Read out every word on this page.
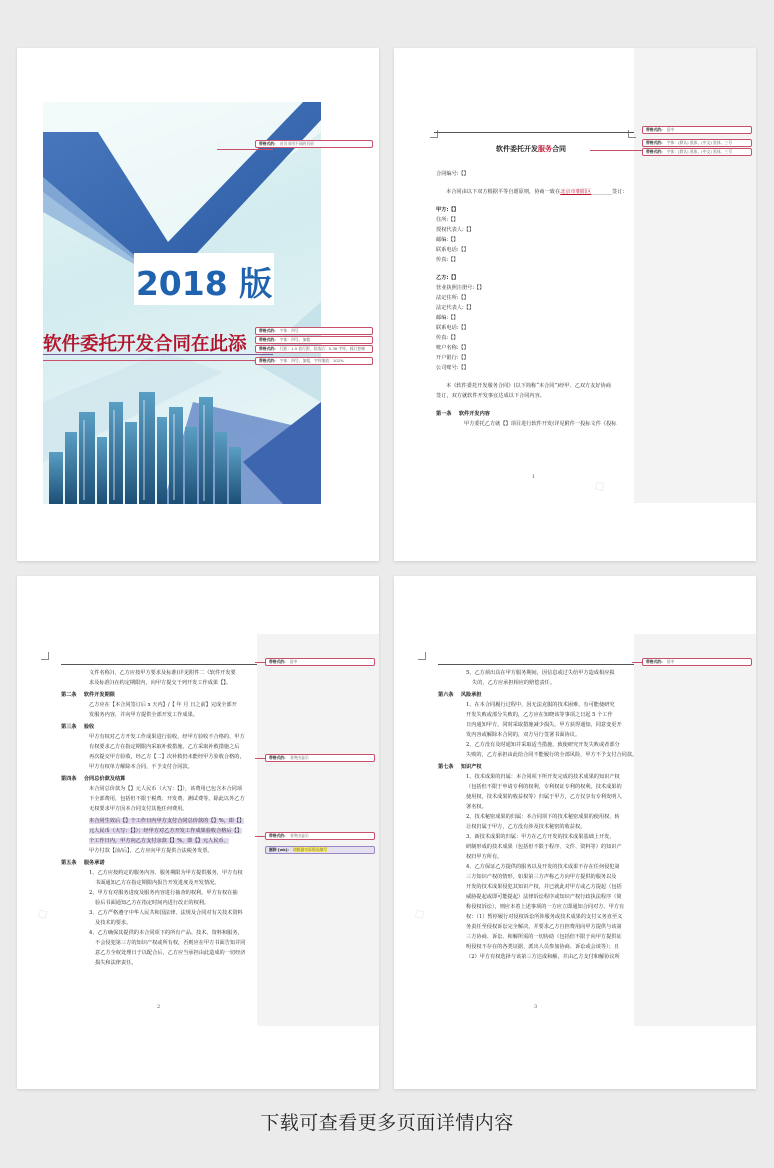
2018 版
软件委托开发合同在此添
带格式的: 首页采用不同的页眉
带格式的: 字体：四号
带格式的: 字体：四号，加粗
带格式的: 行距：1.5 倍行距，段落后：5.38 字符，孤行控制
带格式的: 字体：四号，加粗，字符缩放：102%
带格式的: 居中
带格式的: 字体：(默认) 黑体，(中文) 黑体，三号
带格式的: 字体：(默认) 黑体，(中文) 黑体，三号
软件委托开发服务合同

合同编号:【】

本合同由以下双方根据平等自愿原则，协商一致在北京市朝阳区________签订：

甲方:【】

住所:【】

授权代表人:【】

邮编:【】

联系电话:【】

传真:【】

乙方:【】

营业执照注册号:【】

法定住所:【】

法定代表人:【】

邮编:【】

联系电话:【】

传真:【】

账户名称:【】

开户银行:【】

公司账号:【】

本《软件委托开发服务合同》(以下简称“本合同”)经甲、乙双方友好协商

签订，双方就软件开发事宜达成以下合同内容。

第一条 软件开发内容

甲方委托乙方就【】项目进行软件开发(详见附件一投标文件《投标

1	◇
带格式的: 居中

文件名称》)，乙方应按甲方要求及标准(详见附件二《软件开发要

求及标准》)在约定期限内，向甲方提交干列开发工作成果【】。

第二条 软件开发期限

乙方应在【本合同签订后 x 天内】/【 年 月 日之前】完成全部开

发服务内容，并向甲方提供全部开发工作成果。

第三条 验收

甲方有权对乙方开发工作成果进行验收，经甲方验收不合格的，甲方

有权要求乙方在指定期限内采取补救措施。乙方采取补救措施之后

再次提交甲方验收，经乙方【二】次补救仍未能经甲方验收合格的，

甲方有权单方解除本合同，不予支付合同款。

第四条 合同总价款及结算

本合同总价款为【】元人民币（大写：【】），该费用已包含本合同项

下全部费用，包括但不限于税费、开发费、测试费等。除此以外乙方

无权要求甲方因本合同支付其他任何费用。

本合同生效后【】个工作日内甲方支付合同总价款的【】%，即【】

元人民币（大写：【】）；经甲方对乙方开发工作成果验收合格后【】

个工作日内，甲方向乙方支付余款【】%，即【】元人民币。

甲方付款【前/后】，乙方应向甲方提供合法税务发票。

第五条 服务承诺

1、乙方应按约定的服务内容、服务期限为甲方提供服务，甲方有权

书面通知乙方在指定期限内报告开发进度及开发情况。

2、甲方有对服务进度及服务内容进行抽查的权利，甲方有权在抽

验后书面通知乙方在指定时间内进行改正的权利。

3、乙方严格遵守中华人民共和国法律、法规及合同对有关技术资料

及技术的要求。

4、乙方确保其提供的本合同项下的所有产品、技术、资料和服务，

不会侵犯第三方的知识产权或所有权，否则应在甲方书面告知并同

意乙方全权处理日于以配合后，乙方应当承担由此造成的一切经济

损失和法律责任。

带格式的: 非突出显示
带格式的: 非突出显示
删除 [wk]: 请根据实际情况填写
2
◇
带格式的: 居中

5、乙方须出具在甲方服务期间，因信息或过失给甲方造成相应损

失的，乙方应承担相应的赔偿责任。

第六条 风险承担

1、在本合同履行过程中，因无法克服的技术困难，有可能使研究

开发失败或部分失败的，乙方应在知晓该等事项之日起 5 个工作

日内通知甲方，同时采取措施减少损失。甲方获得通知，同意变更开

发内容或解除本合同的，双方另行签署书面协议。

2、乙方没有及时通知并采取适当措施，致使研究开发失败或者部分

失败的，乙方承担由此给合同不能履行的全部风险，甲方不予支付合同款。

第七条 知识产权

1、技术成果的归属：本合同项下所开发完成的技术成果的知识产权

（包括但不限于申请专利的权利，专利权证专利的权利，技术成果的

使用权，技术成果的收益权等）归属于甲方，乙方仅享有专利发明人

署名权。

2、技术秘密成果的归属：本合同项下的技术秘密成果的使用权、转

让权归属于甲方，乙方没有涉及技术秘密的收益权。

3、新技术成果的归属：甲方在乙方开发的技术成果基础上开发、

研制形成的技术成果（包括但不限于程序、文件、资料等）的知识产

权归甲方所有。

4、乙方保证乙方提供的服务以及开发的技术成果不存在任何侵犯第

三方知识产权的情形。如果第三方声称乙方向甲方提供的服务以及

开发的技术成果侵犯其知识产权，并已就此对甲方或乙方提起（包括

威胁提起或即可能提起）法律诉讼程序或知识产权行政执法程序（简

称侵权诉讼），则应本着上述事项的一方应立即通知合同对方。甲方有

权：（1）暂停履行对侵权诉讼所涉服务或技术成果的支付义务直至义

务责任至侵权诉讼完全解决，并要求乙方自担费用向甲方提供与该第

三方协商、诉讼、和解所需的一切协助（包括但不限于向甲方提供证

明侵权不存在的各类证据、派出人员参加协商、诉讼或会谈等）；且

（2）甲方有权选择与该第三方达成和解，并由乙方支付和解协议所

3
◇
下载可查看更多页面详情内容
